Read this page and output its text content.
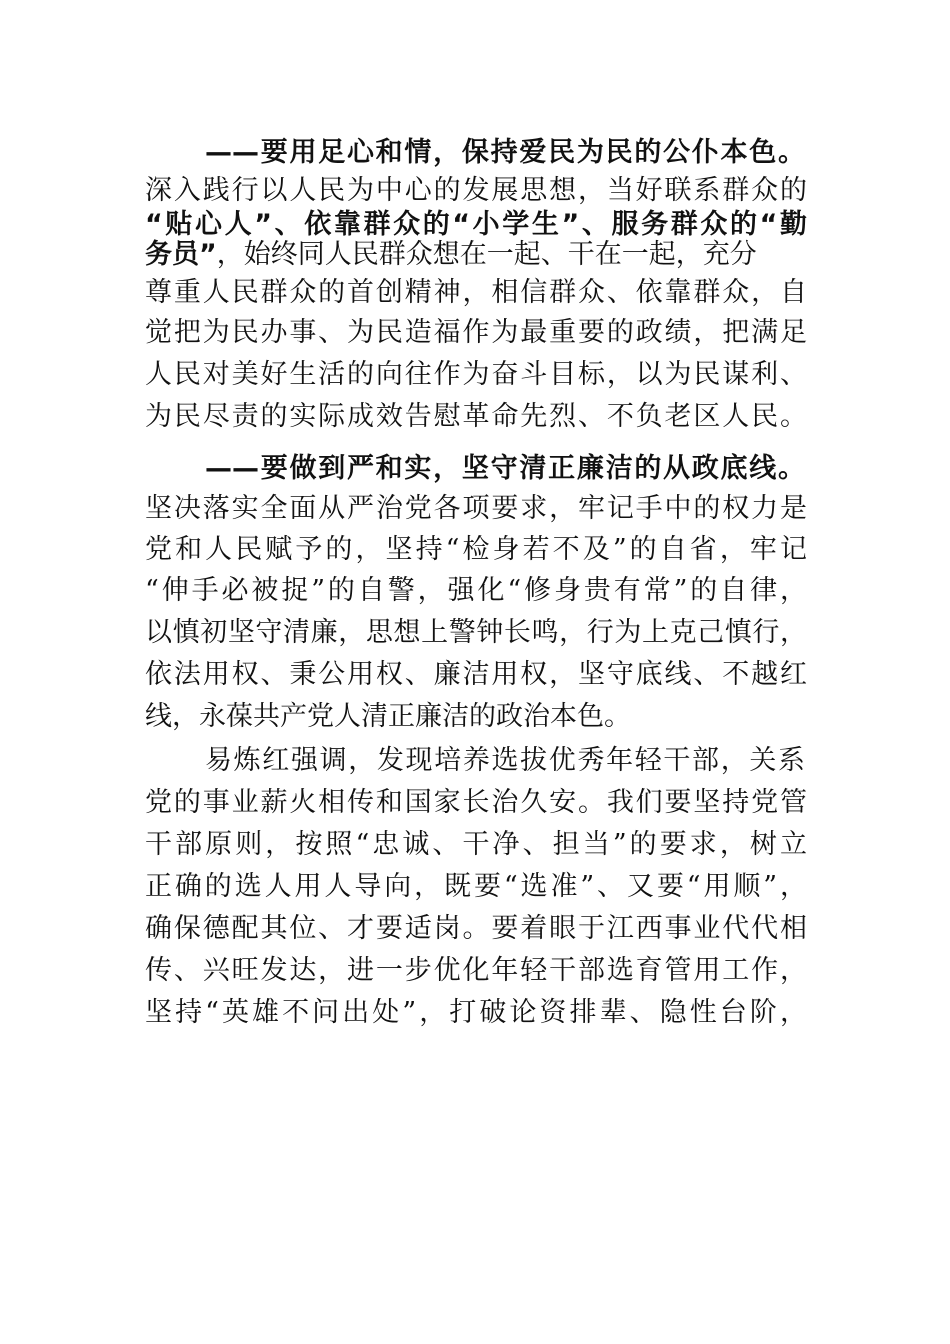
——要用足心和情，保持爱民为民的公仆本色。
深入践行以人民为中心的发展思想，当好联系群众的
“贴心人”、依靠群众的“小学生”、服务群众的“勤
务员”，始终同人民群众想在一起、干在一起，充分
尊重人民群众的首创精神，相信群众、依靠群众，自
觉把为民办事、为民造福作为最重要的政绩，把满足
人民对美好生活的向往作为奋斗目标，以为民谋利、
为民尽责的实际成效告慰革命先烈、不负老区人民。
——要做到严和实，坚守清正廉洁的从政底线。
坚决落实全面从严治党各项要求，牢记手中的权力是
党和人民赋予的，坚持“检身若不及”的自省，牢记
“伸手必被捉”的自警，强化“修身贵有常”的自律，
以慎初坚守清廉，思想上警钟长鸣，行为上克己慎行，
依法用权、秉公用权、廉洁用权，坚守底线、不越红
线，永葆共产党人清正廉洁的政治本色。
易炼红强调，发现培养选拔优秀年轻干部，关系
党的事业薪火相传和国家长治久安。我们要坚持党管
干部原则，按照“忠诚、干净、担当”的要求，树立
正确的选人用人导向，既要“选准”、又要“用顺”，
确保德配其位、才要适岗。要着眼于江西事业代代相
传、兴旺发达，进一步优化年轻干部选育管用工作，
坚持“英雄不问出处”，打破论资排辈、隐性台阶，
